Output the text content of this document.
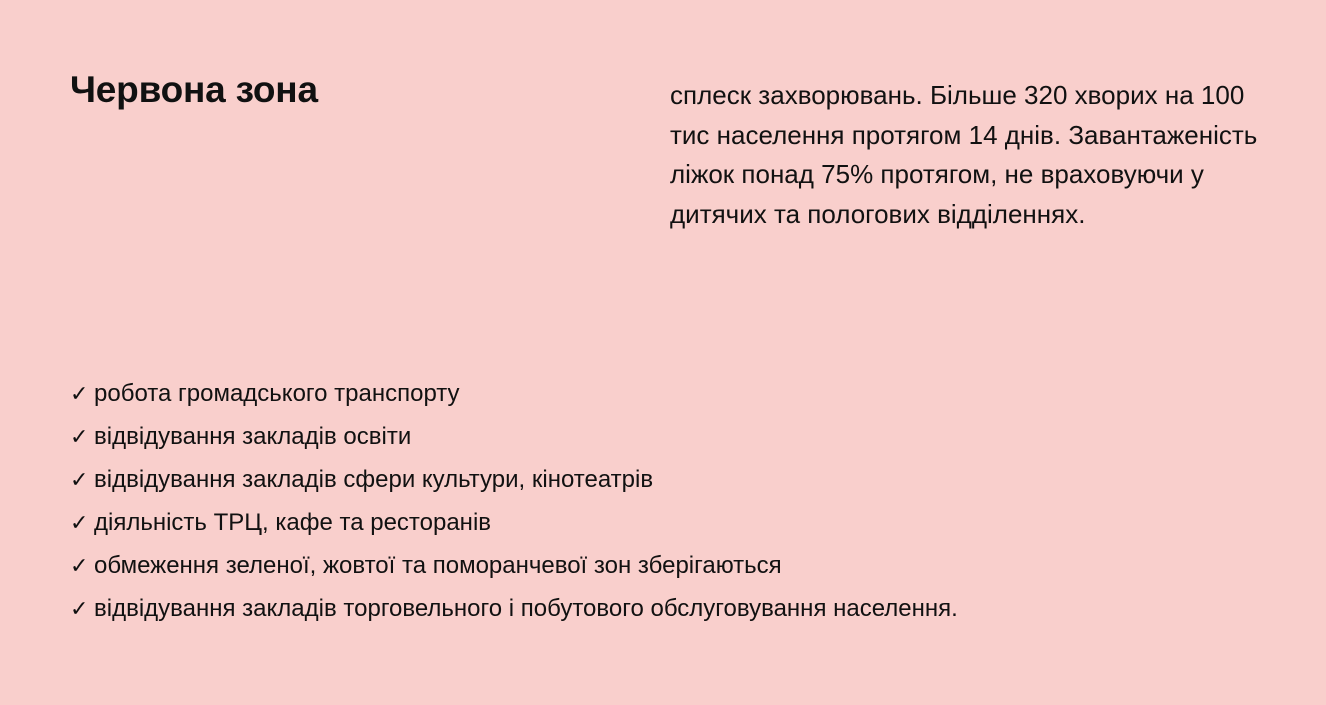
Червона зона	сплеск захворювань. Більше 320 хворих на 100 тис населення протягом 14 днів. Завантаженість ліжок понад 75% протягом, не враховуючи у дитячих та пологових відділеннях.

✓ робота громадського транспорту
✓ відвідування закладів освіти
✓ відвідування закладів сфери культури, кінотеатрів
✓ діяльність ТРЦ, кафе та ресторанів
✓ обмеження зеленої, жовтої та поморанчевої зон зберігаються
✓ відвідування закладів торговельного і побутового обслуговування населення.
